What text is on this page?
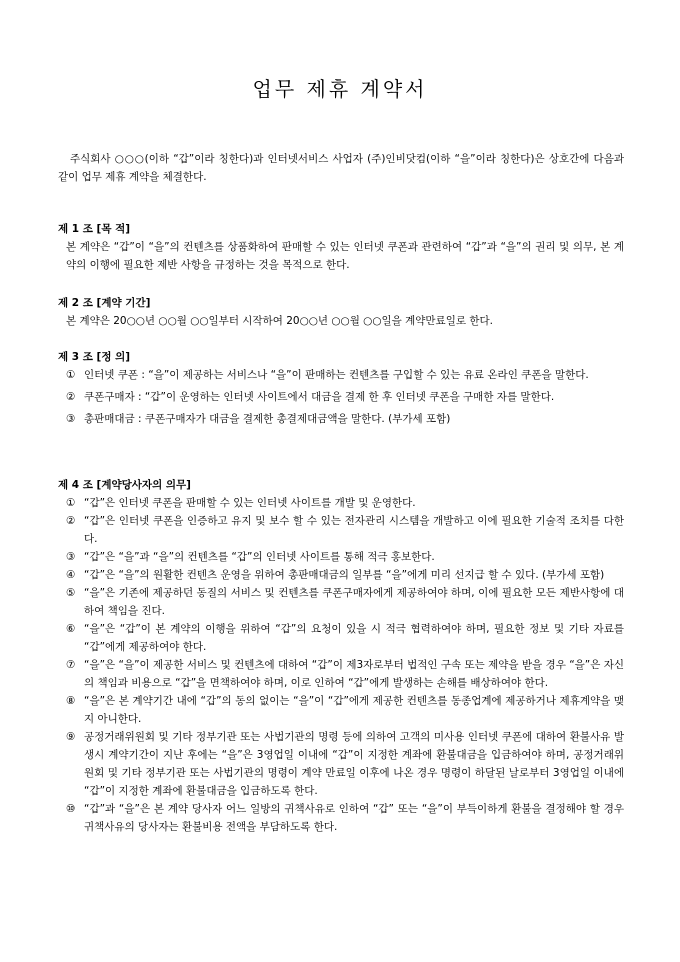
업무 제휴 계약서
주식회사 ○○○(이하 “갑”이라 칭한다)과 인터넷서비스 사업자 (주)인비닷컴(이하 “을”이라 칭한다)은 상호간에 다음과 같이 업무 제휴 계약을 체결한다.
제 1 조 [목 적]
본 계약은 “갑”이 “을”의 컨텐츠를 상품화하여 판매할 수 있는 인터넷 쿠폰과 관련하여 “갑”과 “을”의 권리 및 의무, 본 계약의 이행에 필요한 제반 사항을 규정하는 것을 목적으로 한다.
제 2 조 [계약 기간]
본 계약은 20○○년 ○○월 ○○일부터 시작하여 20○○년 ○○월 ○○일을 계약만료일로 한다.
제 3 조 [정 의]
① 인터넷 쿠폰 : “을”이 제공하는 서비스나 “을”이 판매하는 컨텐츠를 구입할 수 있는 유료 온라인 쿠폰을 말한다.
② 쿠폰구매자 : “갑”이 운영하는 인터넷 사이트에서 대금을 결제 한 후 인터넷 쿠폰을 구매한 자를 말한다.
③ 총판매대금 : 쿠폰구매자가 대금을 결제한 총결제대금액을 말한다. (부가세 포함)
제 4 조 [계약당사자의 의무]
① “갑”은 인터넷 쿠폰을 판매할 수 있는 인터넷 사이트를 개발 및 운영한다.
② “갑”은 인터넷 쿠폰을 인증하고 유지 및 보수 할 수 있는 전자관리 시스템을 개발하고 이에 필요한 기술적 조치를 다한다.
③ “갑”은 “을”과 “을”의 컨텐츠를 “갑”의 인터넷 사이트를 통해 적극 홍보한다.
④ “갑”은 “을”의 원활한 컨텐츠 운영을 위하여 총판매대금의 일부를 “을”에게 미리 선지급 할 수 있다. (부가세 포함)
⑤ “을”은 기존에 제공하던 동질의 서비스 및 컨텐츠를 쿠폰구매자에게 제공하여야 하며, 이에 필요한 모든 제반사항에 대하여 책임을 진다.
⑥ “을”은 “갑”이 본 계약의 이행을 위하여 “갑”의 요청이 있을 시 적극 협력하여야 하며, 필요한 정보 및 기타 자료를 “갑”에게 제공하여야 한다.
⑦ “을”은 “을”이 제공한 서비스 및 컨텐츠에 대하여 “갑”이 제3자로부터 법적인 구속 또는 제약을 받을 경우 “을”은 자신의 책임과 비용으로 “갑”을 면책하여야 하며, 이로 인하여 “갑”에게 발생하는 손해를 배상하여야 한다.
⑧ “을”은 본 계약기간 내에 “갑”의 동의 없이는 “을”이 “갑”에게 제공한 컨텐츠를 동종업계에 제공하거나 제휴계약을 맺지 아니한다.
⑨ 공정거래위원회 및 기타 정부기관 또는 사법기관의 명령 등에 의하여 고객의 미사용 인터넷 쿠폰에 대하여 환불사유 발생시 계약기간이 지난 후에는 “을”은 3영업일 이내에 “갑”이 지정한 계좌에 환불대금을 입금하여야 하며, 공정거래위원회 및 기타 정부기관 또는 사법기관의 명령이 계약 만료일 이후에 나온 경우 명령이 하달된 날로부터 3영업일 이내에 “갑”이 지정한 계좌에 환불대금을 입금하도록 한다.
⑩ “갑”과 “을”은 본 계약 당사자 어느 일방의 귀책사유로 인하여 “갑” 또는 “을”이 부득이하게 환불을 결정해야 할 경우 귀책사유의 당사자는 환불비용 전액을 부담하도록 한다.
